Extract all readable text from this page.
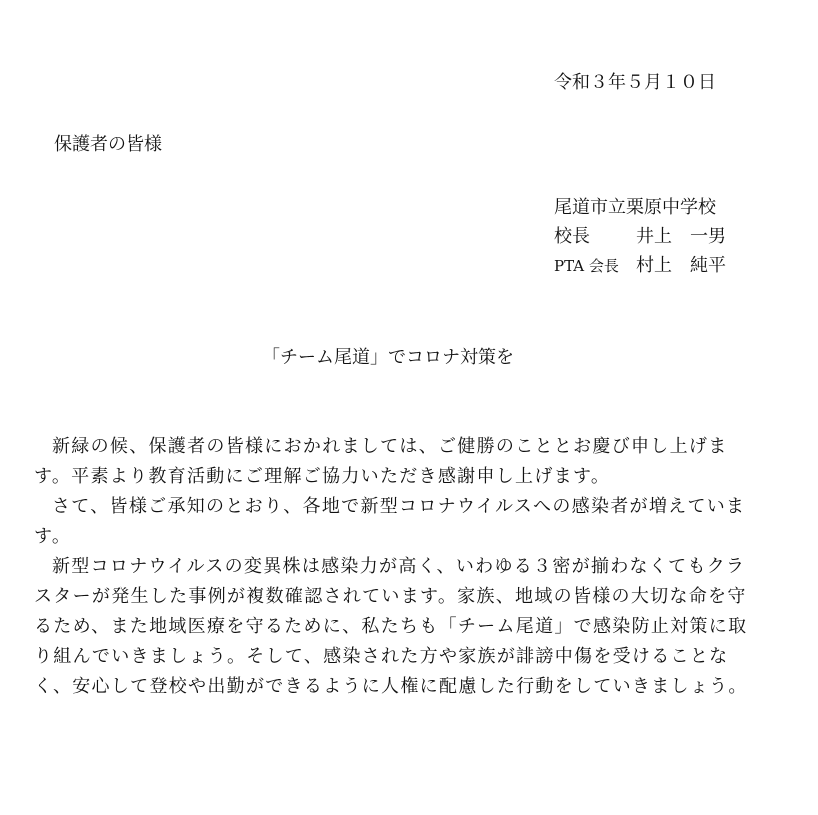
令和３年５月１０日
保護者の皆様
尾道市立栗原中学校
校長	井上　一男
PTA 会長 村上　純平
「チーム尾道」でコロナ対策を

新緑の候、保護者の皆様におかれましては、ご健勝のこととお慶び申し上げます。平素より教育活動にご理解ご協力いただき感謝申し上げます。

さて、皆様ご承知のとおり、各地で新型コロナウイルスへの感染者が増えています。

新型コロナウイルスの変異株は感染力が高く、いわゆる３密が揃わなくてもクラスターが発生した事例が複数確認されています。家族、地域の皆様の大切な命を守るため、また地域医療を守るために、私たちも「チーム尾道」で感染防止対策に取り組んでいきましょう。そして、感染された方や家族が誹謗中傷を受けることなく、安心して登校や出勤ができるように人権に配慮した行動をしていきましょう。
